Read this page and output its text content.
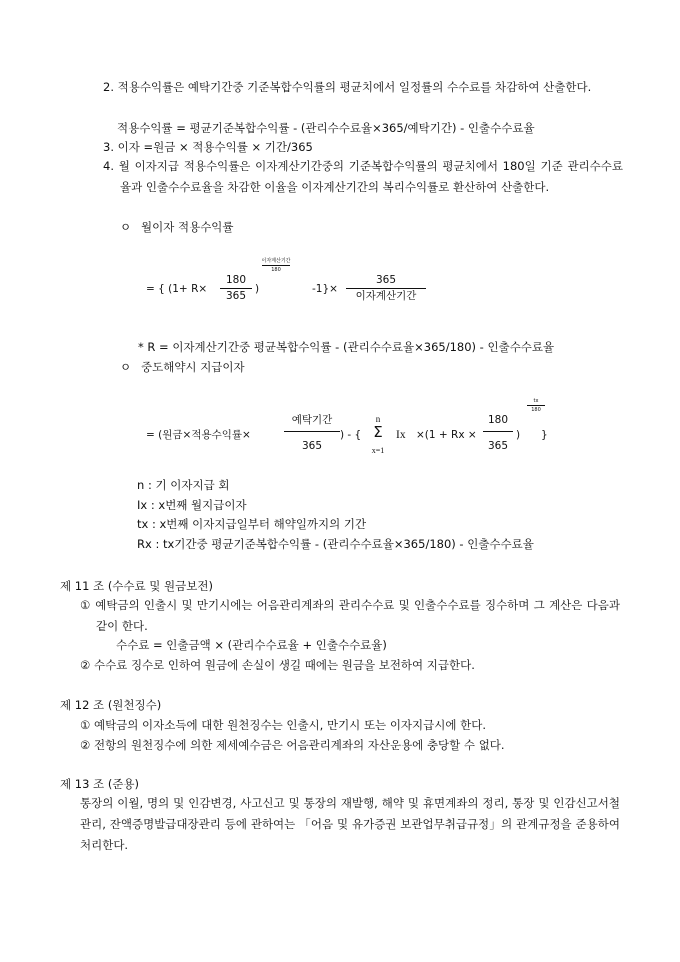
2. 적용수익률은 예탁기간중 기준복합수익률의 평균치에서 일정률의 수수료를 차감하여 산출한다.
적용수익률 = 평균기준복합수익률 - (관리수수료율×365/예탁기간) - 인출수수료율
3. 이자 =원금 × 적용수익률 × 기간/365
4. 월 이자지급 적용수익률은 이자계산기간중의 기준복합수익률의 평균치에서 180일 기준 관리수수료율과 인출수수료율을 차감한 이율을 이자계산기간의 복리수익률로 환산하여 산출한다.
ㅇ 월이자 적용수익률
= { (1+ R×
180
365
)
이자계산기간
180
-1}×
365
이자계산기간
* R = 이자계산기간중 평균복합수익률 - (관리수수료율×365/180) - 인출수수료율
ㅇ 중도해약시 지급이자
= (원금×적용수익률×
예탁기간
365
) - {
n
Σ
x=1
Ix ×(1 + Rx ×
180
365
)
tx
180
}
n : 기 이자지급 회
Ix : x번째 월지급이자
tx : x번째 이자지급일부터 해약일까지의 기간
Rx : tx기간중 평균기준복합수익률 - (관리수수료율×365/180) - 인출수수료율
제 11 조 (수수료 및 원금보전)
① 예탁금의 인출시 및 만기시에는 어음관리계좌의 관리수수료 및 인출수수료를 징수하며 그 계산은 다음과 같이 한다.
수수료 = 인출금액 × (관리수수료율 + 인출수수료율)
② 수수료 징수로 인하여 원금에 손실이 생길 때에는 원금을 보전하여 지급한다.
제 12 조 (원천징수)
① 예탁금의 이자소득에 대한 원천징수는 인출시, 만기시 또는 이자지급시에 한다.
② 전항의 원천징수에 의한 제세예수금은 어음관리계좌의 자산운용에 충당할 수 없다.
제 13 조 (준용)
통장의 이월, 명의 및 인감변경, 사고신고 및 통장의 재발행, 해약 및 휴면계좌의 정리, 통장 및 인감신고서철 관리, 잔액증명발급대장관리 등에 관하여는 「어음 및 유가증권 보관업무취급규정」의 관계규정을 준용하여 처리한다.
